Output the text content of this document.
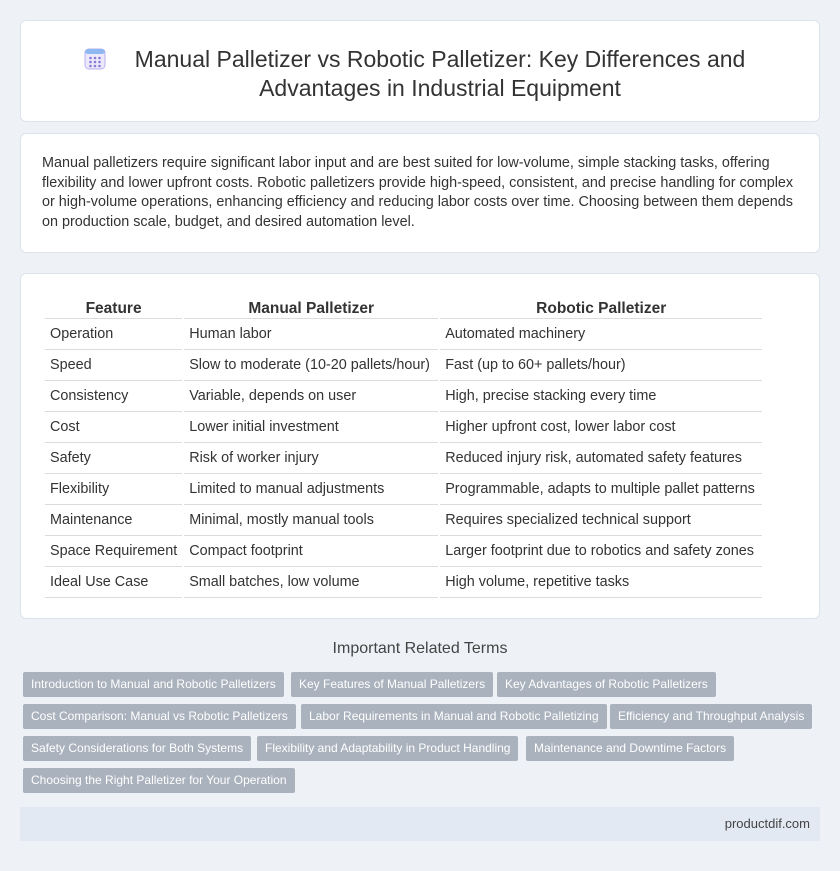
Manual Palletizer vs Robotic Palletizer: Key Differences and Advantages in Industrial Equipment

Manual palletizers require significant labor input and are best suited for low-volume, simple stacking tasks, offering flexibility and lower upfront costs. Robotic palletizers provide high-speed, consistent, and precise handling for complex or high-volume operations, enhancing efficiency and reducing labor costs over time. Choosing between them depends on production scale, budget, and desired automation level.

Feature	Manual Palletizer	Robotic Palletizer
Operation	Human labor	Automated machinery
Speed	Slow to moderate (10-20 pallets/hour)	Fast (up to 60+ pallets/hour)
Consistency	Variable, depends on user	High, precise stacking every time
Cost	Lower initial investment	Higher upfront cost, lower labor cost
Safety	Risk of worker injury	Reduced injury risk, automated safety features
Flexibility	Limited to manual adjustments	Programmable, adapts to multiple pallet patterns
Maintenance	Minimal, mostly manual tools	Requires specialized technical support
Space Requirement	Compact footprint	Larger footprint due to robotics and safety zones
Ideal Use Case	Small batches, low volume	High volume, repetitive tasks
Important Related Terms
Introduction to Manual and Robotic Palletizers	Key Features of Manual Palletizers	Key Advantages of Robotic Palletizers
Cost Comparison: Manual vs Robotic Palletizers	Labor Requirements in Manual and Robotic Palletizing	Efficiency and Throughput Analysis
Safety Considerations for Both Systems	Flexibility and Adaptability in Product Handling	Maintenance and Downtime Factors
Choosing the Right Palletizer for Your Operation
productdif.com
